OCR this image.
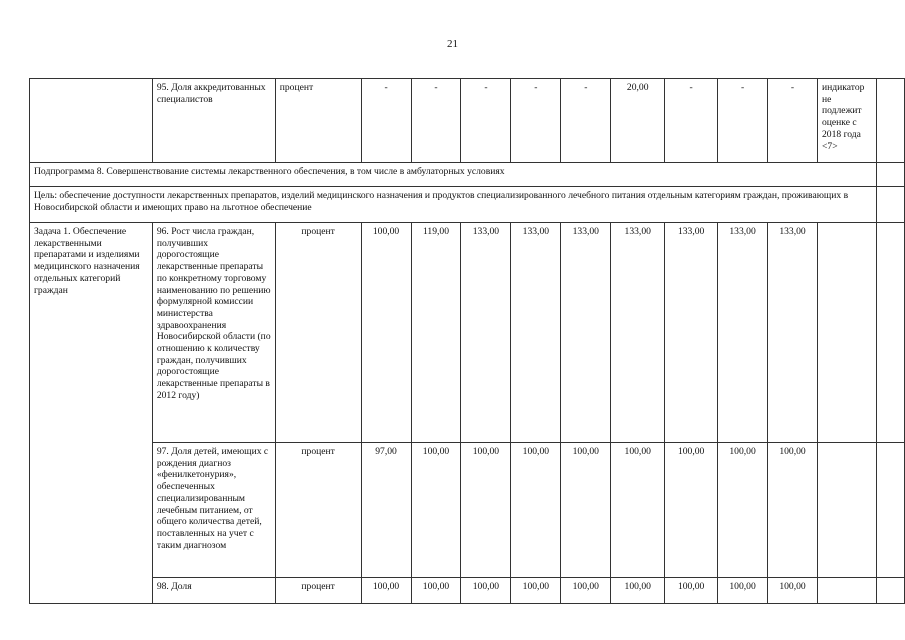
21
	95. Доля аккредитованных специалистов	процент	-	-	-	-	-	20,00	-	-	-	индикатор не подлежит оценке с 2018 года <7>	
Подпрограмма 8. Совершенствование системы лекарственного обеспечения, в том числе в амбулаторных условиях													
Цель: обеспечение доступности лекарственных препаратов, изделий медицинского назначения и продуктов специализированного лечебного питания отдельным категориям граждан, проживающих в Новосибирской области и имеющих право на льготное обеспечение													
Задача 1. Обеспечение лекарственными препаратами и изделиями медицинского назначения отдельных категорий граждан	96. Рост числа граждан, получивших дорогостоящие лекарственные препараты по конкретному торговому наименованию по решению формулярной комиссии министерства здравоохранения Новосибирской области (по отношению к количеству граждан, получивших дорогостоящие лекарственные препараты в 2012 году)	процент	100,00	119,00	133,00	133,00	133,00	133,00	133,00	133,00	133,00		
	97. Доля детей, имеющих с рождения диагноз «фенилкетонурия», обеспеченных специализированным лечебным питанием, от общего количества детей, поставленных на учет с таким диагнозом	процент	97,00	100,00	100,00	100,00	100,00	100,00	100,00	100,00	100,00		
	98. Доля	процент	100,00	100,00	100,00	100,00	100,00	100,00	100,00	100,00	100,00		
